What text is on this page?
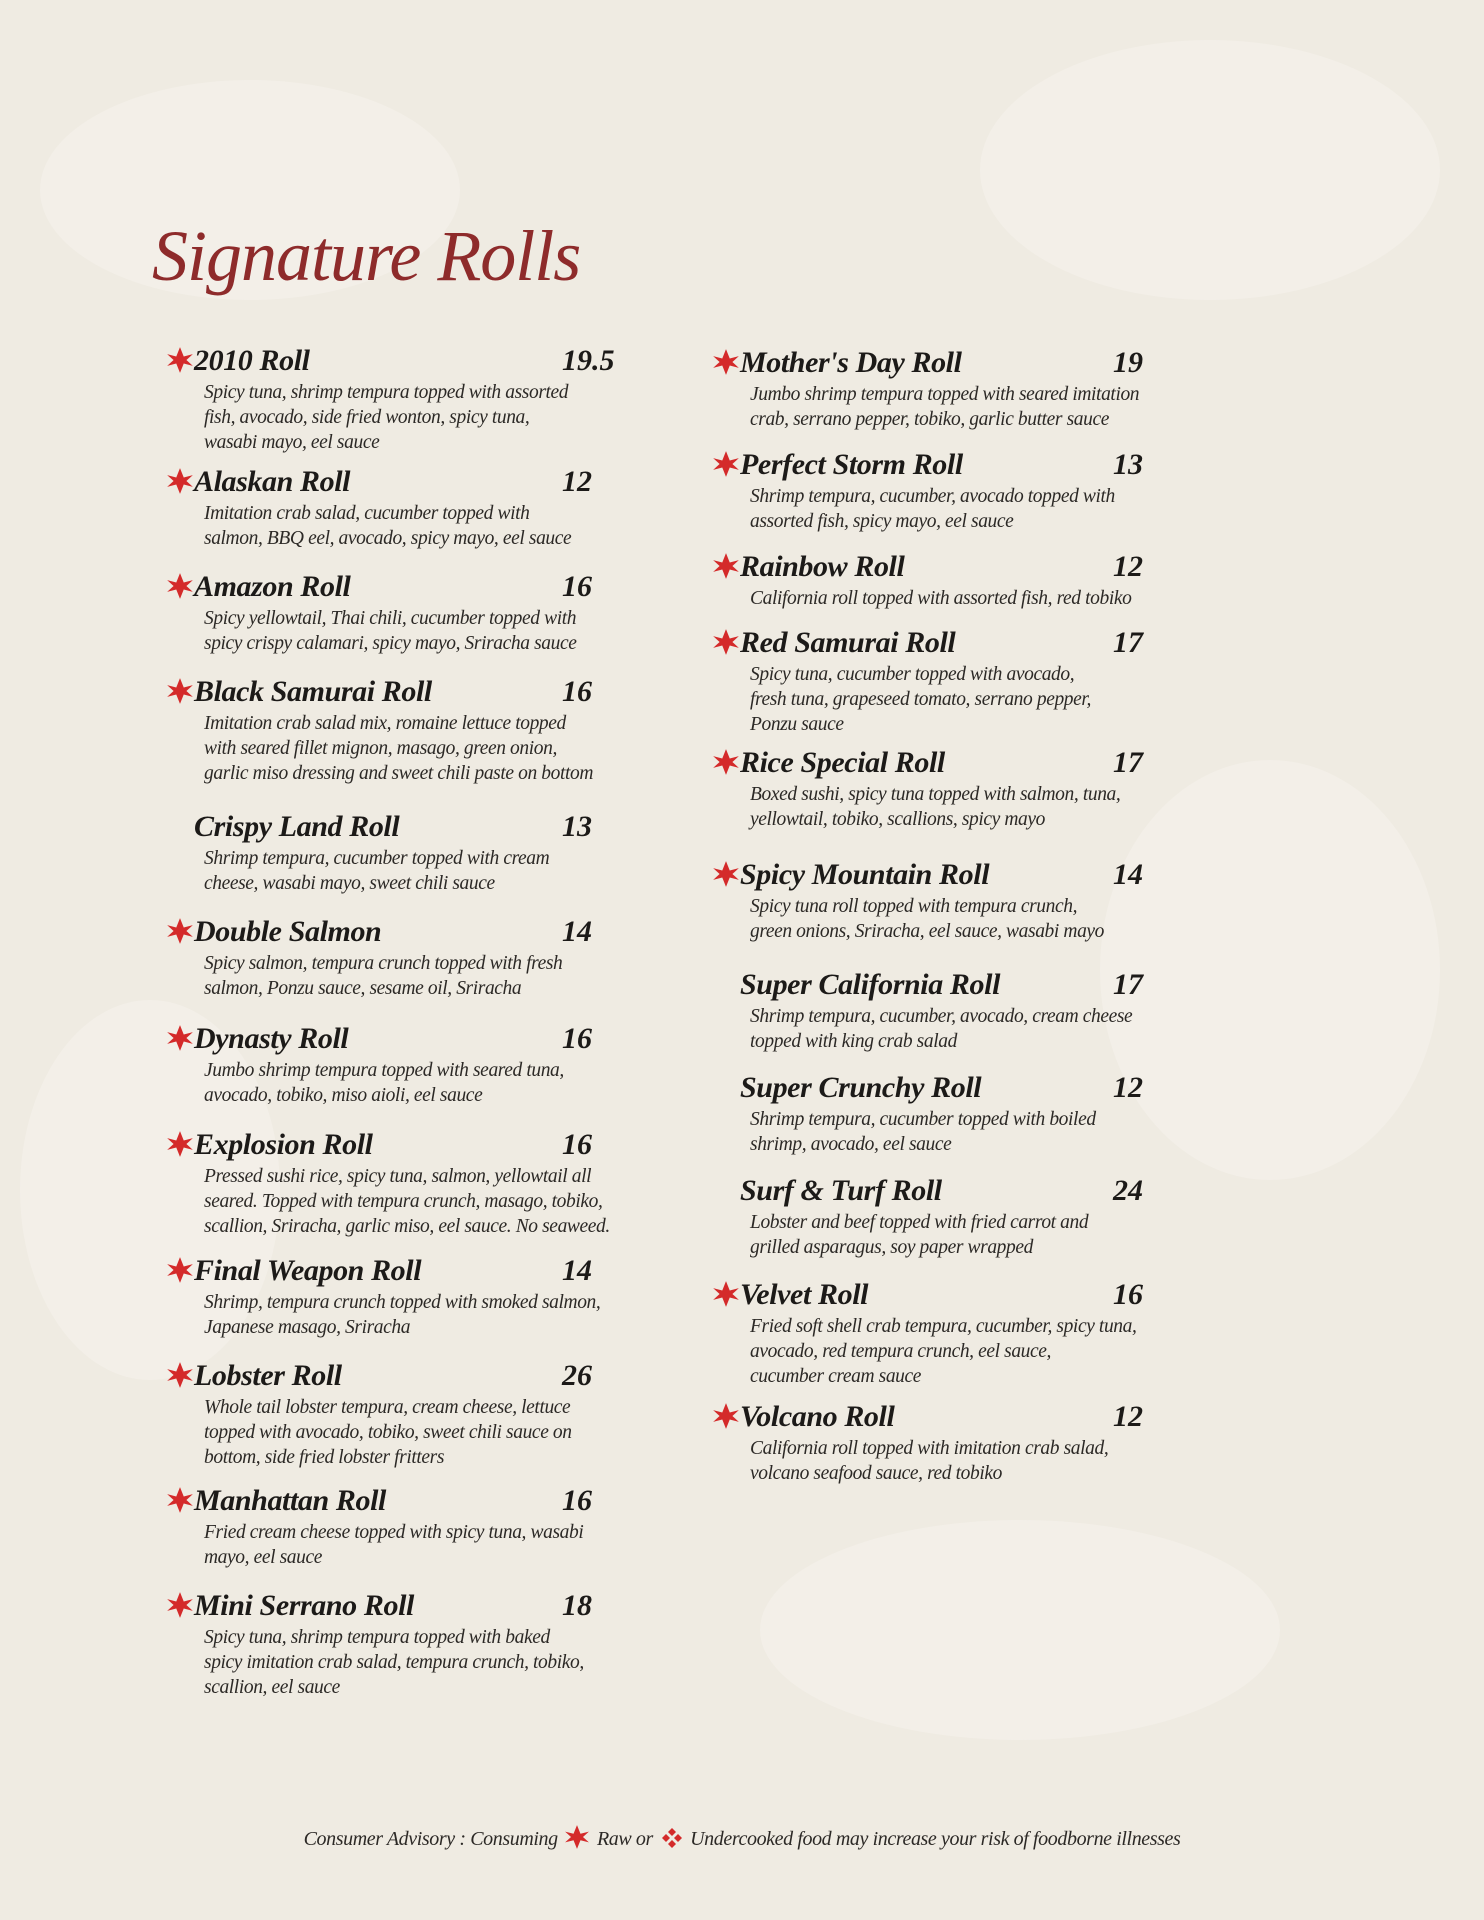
Signature Rolls
2010 Roll	19.5

Spicy tuna, shrimp tempura topped with assorted
fish, avocado, side fried wonton, spicy tuna,
wasabi mayo, eel sauce

Alaskan Roll	12

Imitation crab salad, cucumber topped with
salmon, BBQ eel, avocado, spicy mayo, eel sauce

Amazon Roll	16

Spicy yellowtail, Thai chili, cucumber topped with
spicy crispy calamari, spicy mayo, Sriracha sauce

Black Samurai Roll	16

Imitation crab salad mix, romaine lettuce topped
with seared fillet mignon, masago, green onion,
garlic miso dressing and sweet chili paste on bottom

Crispy Land Roll	13

Shrimp tempura, cucumber topped with cream
cheese, wasabi mayo, sweet chili sauce

Double Salmon	14

Spicy salmon, tempura crunch topped with fresh
salmon, Ponzu sauce, sesame oil, Sriracha

Dynasty Roll	16

Jumbo shrimp tempura topped with seared tuna,
avocado, tobiko, miso aioli, eel sauce

Explosion Roll	16

Pressed sushi rice, spicy tuna, salmon, yellowtail all
seared. Topped with tempura crunch, masago, tobiko,
scallion, Sriracha, garlic miso, eel sauce. No seaweed.

Final Weapon Roll	14

Shrimp, tempura crunch topped with smoked salmon,
Japanese masago, Sriracha

Lobster Roll	26

Whole tail lobster tempura, cream cheese, lettuce
topped with avocado, tobiko, sweet chili sauce on
bottom, side fried lobster fritters

Manhattan Roll	16

Fried cream cheese topped with spicy tuna, wasabi
mayo, eel sauce

Mini Serrano Roll	18

Spicy tuna, shrimp tempura topped with baked
spicy imitation crab salad, tempura crunch, tobiko,
scallion, eel sauce

Mother's Day Roll	19

Jumbo shrimp tempura topped with seared imitation
crab, serrano pepper, tobiko, garlic butter sauce

Perfect Storm Roll	13

Shrimp tempura, cucumber, avocado topped with
assorted fish, spicy mayo, eel sauce

Rainbow Roll	12

California roll topped with assorted fish, red tobiko

Red Samurai Roll	17

Spicy tuna, cucumber topped with avocado,
fresh tuna, grapeseed tomato, serrano pepper,
Ponzu sauce

Rice Special Roll	17

Boxed sushi, spicy tuna topped with salmon, tuna,
yellowtail, tobiko, scallions, spicy mayo

Spicy Mountain Roll	14

Spicy tuna roll topped with tempura crunch,
green onions, Sriracha, eel sauce, wasabi mayo

Super California Roll	17

Shrimp tempura, cucumber, avocado, cream cheese
topped with king crab salad

Super Crunchy Roll	12

Shrimp tempura, cucumber topped with boiled
shrimp, avocado, eel sauce

Surf & Turf Roll	24

Lobster and beef topped with fried carrot and
grilled asparagus, soy paper wrapped

Velvet Roll	16

Fried soft shell crab tempura, cucumber, spicy tuna,
avocado, red tempura crunch, eel sauce,
cucumber cream sauce

Volcano Roll	12

California roll topped with imitation crab salad,
volcano seafood sauce, red tobiko

Consumer Advisory : Consuming Raw or Undercooked food may increase your risk of foodborne illnesses
